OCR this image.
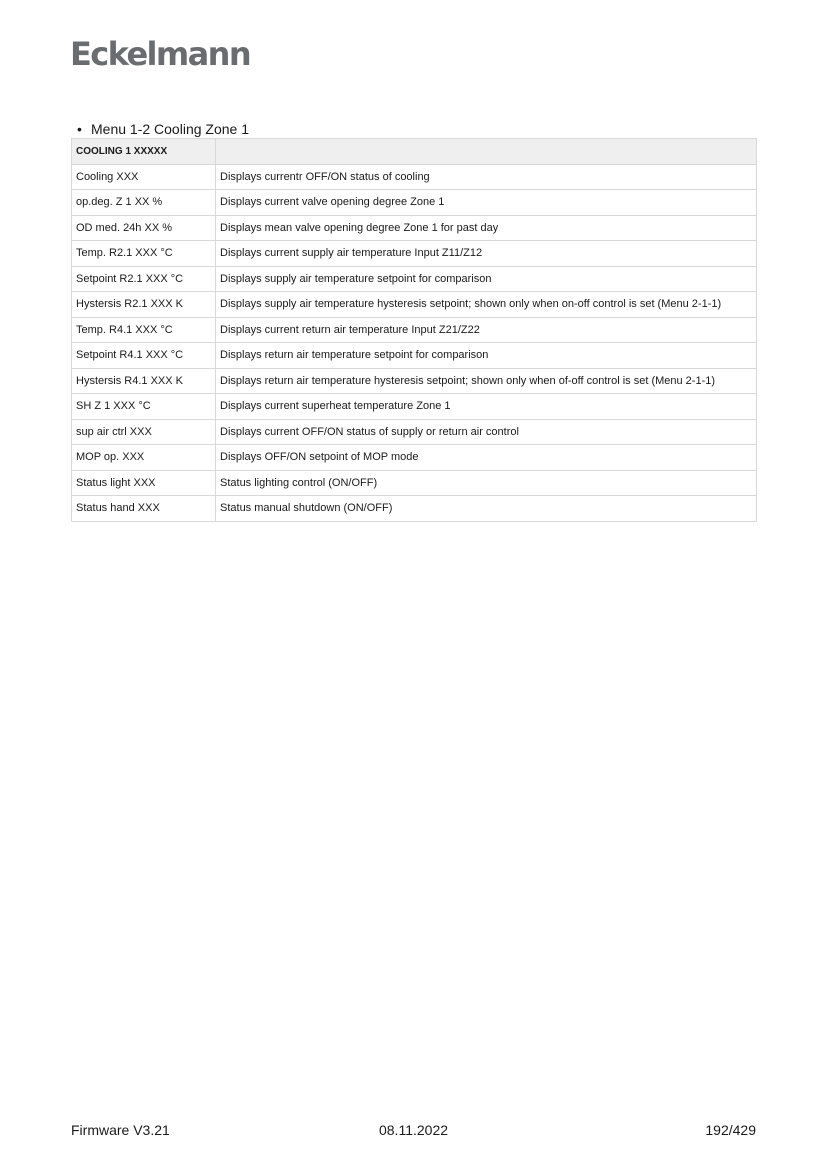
Eckelmann
• Menu 1-2 Cooling Zone 1
COOLING 1 XXXXX	
Cooling XXX	Displays currentr OFF/ON status of cooling
op.deg. Z 1 XX %	Displays current valve opening degree Zone 1
OD med. 24h XX %	Displays mean valve opening degree Zone 1 for past day
Temp. R2.1 XXX °C	Displays current supply air temperature Input Z11/Z12
Setpoint R2.1 XXX °C	Displays supply air temperature setpoint for comparison
Hystersis R2.1 XXX K	Displays supply air temperature hysteresis setpoint; shown only when on-off control is set (Menu 2-1-1)
Temp. R4.1 XXX °C	Displays current return air temperature Input Z21/Z22
Setpoint R4.1 XXX °C	Displays return air temperature setpoint for comparison
Hystersis R4.1 XXX K	Displays return air temperature hysteresis setpoint; shown only when of-off control is set (Menu 2-1-1)
SH Z 1 XXX °C	Displays current superheat temperature Zone 1
sup air ctrl XXX	Displays current OFF/ON status of supply or return air control
MOP op. XXX	Displays OFF/ON setpoint of MOP mode
Status light XXX	Status lighting control (ON/OFF)
Status hand XXX	Status manual shutdown (ON/OFF)
Firmware V3.21	08.11.2022	192/429
